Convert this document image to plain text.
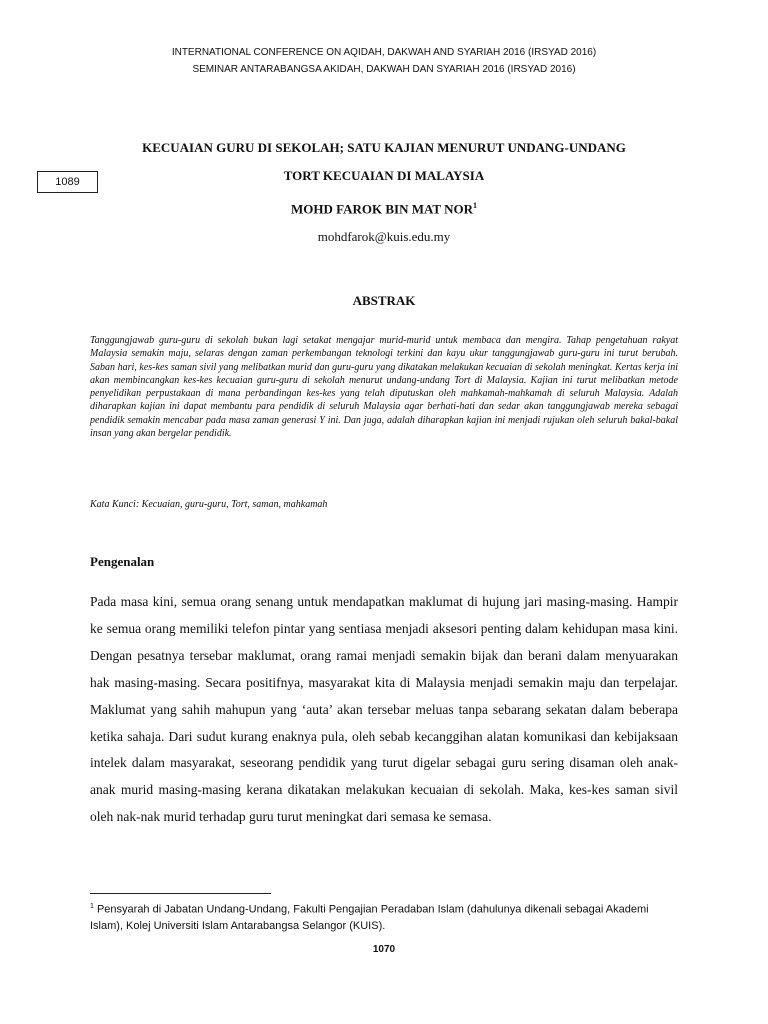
INTERNATIONAL CONFERENCE ON AQIDAH, DAKWAH AND SYARIAH 2016 (IRSYAD 2016)
SEMINAR ANTARABANGSA AKIDAH, DAKWAH DAN SYARIAH 2016 (IRSYAD 2016)
1089
KECUAIAN GURU DI SEKOLAH; SATU KAJIAN MENURUT UNDANG-UNDANG
TORT KECUAIAN DI MALAYSIA
MOHD FAROK BIN MAT NOR$^1$
mohdfarok@kuis.edu.my
ABSTRAK

Tanggungjawab guru-guru di sekolah bukan lagi setakat mengajar murid-murid untuk membaca dan mengira. Tahap pengetahuan rakyat Malaysia semakin maju, selaras dengan zaman perkembangan teknologi terkini dan kayu ukur tanggungjawab guru-guru ini turut berubah. Saban hari, kes-kes saman sivil yang melibatkan murid dan guru-guru yang dikatakan melakukan kecuaian di sekolah meningkat. Kertas kerja ini akan membincangkan kes-kes kecuaian guru-guru di sekolah menurut undang-undang Tort di Malaysia. Kajian ini turut melibatkan metode penyelidikan perpustakaan di mana perbandingan kes-kes yang telah diputuskan oleh mahkamah-mahkamah di seluruh Malaysia. Adalah diharapkan kajian ini dapat membantu para pendidik di seluruh Malaysia agar berhati-hati dan sedar akan tanggungjawab mereka sebagai pendidik semakin mencabar pada masa zaman generasi Y ini. Dan juga, adalah diharapkan kajian ini menjadi rujukan oleh seluruh bakal-bakal insan yang akan bergelar pendidik.

Kata Kunci: Kecuaian, guru-guru, Tort, saman, mahkamah

Pengenalan

Pada masa kini, semua orang senang untuk mendapatkan maklumat di hujung jari masing-masing. Hampir ke semua orang memiliki telefon pintar yang sentiasa menjadi aksesori penting dalam kehidupan masa kini. Dengan pesatnya tersebar maklumat, orang ramai menjadi semakin bijak dan berani dalam menyuarakan hak masing-masing. Secara positifnya, masyarakat kita di Malaysia menjadi semakin maju dan terpelajar. Maklumat yang sahih mahupun yang ‘auta’ akan tersebar meluas tanpa sebarang sekatan dalam beberapa ketika sahaja. Dari sudut kurang enaknya pula, oleh sebab kecanggihan alatan komunikasi dan kebijaksaan intelek dalam masyarakat, seseorang pendidik yang turut digelar sebagai guru sering disaman oleh anak-anak murid masing-masing kerana dikatakan melakukan kecuaian di sekolah. Maka, kes-kes saman sivil oleh nak-nak murid terhadap guru turut meningkat dari semasa ke semasa.

$^1$ Pensyarah di Jabatan Undang-Undang, Fakulti Pengajian Peradaban Islam (dahulunya dikenali sebagai Akademi Islam), Kolej Universiti Islam Antarabangsa Selangor (KUIS).

1070
